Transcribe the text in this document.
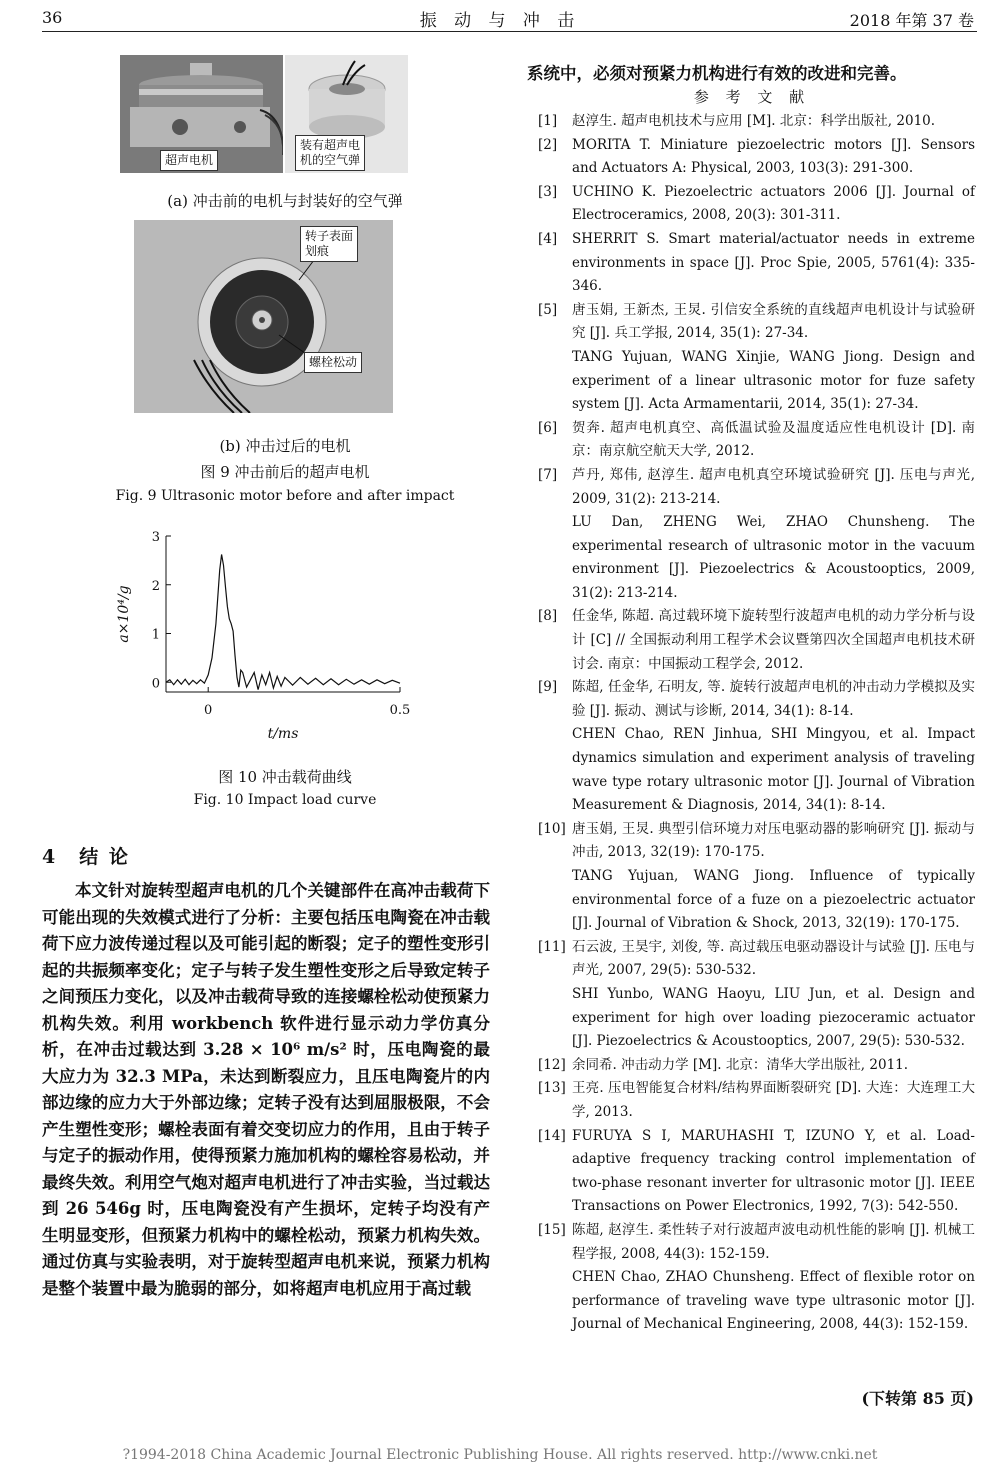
36	振 动 与 冲 击	2018 年第 37 卷
超声电机
装有超声电
机的空气弹
(a) 冲击前的电机与封装好的空气弹
转子表面
划痕
螺栓松动
(b) 冲击过后的电机
图 9 冲击前后的超声电机
Fig. 9 Ultrasonic motor before and after impact
0
1
2
3
0	0.5
t/ms
a×10⁴/g
图 10 冲击载荷曲线
Fig. 10 Impact load curve
4 结 论

本文针对旋转型超声电机的几个关键部件在高冲击载荷下可能出现的失效模式进行了分析：主要包括压电陶瓷在冲击载荷下应力波传递过程以及可能引起的断裂；定子的塑性变形引起的共振频率变化；定子与转子发生塑性变形之后导致定转子之间预压力变化，以及冲击载荷导致的连接螺栓松动使预紧力机构失效。利用 workbench 软件进行显示动力学仿真分析，在冲击过载达到 3.28 × 10⁶ m/s² 时，压电陶瓷的最大应力为 32.3 MPa，未达到断裂应力，且压电陶瓷片的内部边缘的应力大于外部边缘；定转子没有达到屈服极限，不会产生塑性变形；螺栓表面有着交变切应力的作用，且由于转子与定子的振动作用，使得预紧力施加机构的螺栓容易松动，并最终失效。利用空气炮对超声电机进行了冲击实验，当过载达到 26 546g 时，压电陶瓷没有产生损坏，定转子均没有产生明显变形，但预紧力机构中的螺栓松动，预紧力机构失效。通过仿真与实验表明，对于旋转型超声电机来说，预紧力机构是整个装置中最为脆弱的部分，如将超声电机应用于高过载

系统中，必须对预紧力机构进行有效的改进和完善。
参 考 文 献
[1] 赵淳生. 超声电机技术与应用 [M]. 北京：科学出版社, 2010.
[2] MORITA T. Miniature piezoelectric motors [J]. Sensors and Actuators A: Physical, 2003, 103(3): 291-300.
[3] UCHINO K. Piezoelectric actuators 2006 [J]. Journal of Electroceramics, 2008, 20(3): 301-311.
[4] SHERRIT S. Smart material/actuator needs in extreme environments in space [J]. Proc Spie, 2005, 5761(4): 335-346.
[5] 唐玉娟, 王新杰, 王炅. 引信安全系统的直线超声电机设计与试验研究 [J]. 兵工学报, 2014, 35(1): 27-34.
TANG Yujuan, WANG Xinjie, WANG Jiong. Design and experiment of a linear ultrasonic motor for fuze safety system [J]. Acta Armamentarii, 2014, 35(1): 27-34.
[6] 贺奔. 超声电机真空、高低温试验及温度适应性电机设计 [D]. 南京：南京航空航天大学, 2012.
[7] 芦丹, 郑伟, 赵淳生. 超声电机真空环境试验研究 [J]. 压电与声光, 2009, 31(2): 213-214.
LU Dan, ZHENG Wei, ZHAO Chunsheng. The experimental research of ultrasonic motor in the vacuum environment [J]. Piezoelectrics & Acoustooptics, 2009, 31(2): 213-214.
[8] 任金华, 陈超. 高过载环境下旋转型行波超声电机的动力学分析与设计 [C] // 全国振动利用工程学术会议暨第四次全国超声电机技术研讨会. 南京：中国振动工程学会, 2012.
[9] 陈超, 任金华, 石明友, 等. 旋转行波超声电机的冲击动力学模拟及实验 [J]. 振动、测试与诊断, 2014, 34(1): 8-14.
CHEN Chao, REN Jinhua, SHI Mingyou, et al. Impact dynamics simulation and experiment analysis of traveling wave type rotary ultrasonic motor [J]. Journal of Vibration Measurement & Diagnosis, 2014, 34(1): 8-14.
[10] 唐玉娟, 王炅. 典型引信环境力对压电驱动器的影响研究 [J]. 振动与冲击, 2013, 32(19): 170-175.
TANG Yujuan, WANG Jiong. Influence of typically environmental force of a fuze on a piezoelectric actuator [J]. Journal of Vibration & Shock, 2013, 32(19): 170-175.
[11] 石云波, 王昊宇, 刘俊, 等. 高过载压电驱动器设计与试验 [J]. 压电与声光, 2007, 29(5): 530-532.
SHI Yunbo, WANG Haoyu, LIU Jun, et al. Design and experiment for high over loading piezoceramic actuator [J]. Piezoelectrics & Acoustooptics, 2007, 29(5): 530-532.
[12] 余同希. 冲击动力学 [M]. 北京：清华大学出版社, 2011.
[13] 王亮. 压电智能复合材料/结构界面断裂研究 [D]. 大连：大连理工大学, 2013.
[14] FURUYA S I, MARUHASHI T, IZUNO Y, et al. Load-adaptive frequency tracking control implementation of two-phase resonant inverter for ultrasonic motor [J]. IEEE Transactions on Power Electronics, 1992, 7(3): 542-550.
[15] 陈超, 赵淳生. 柔性转子对行波超声波电动机性能的影响 [J]. 机械工程学报, 2008, 44(3): 152-159.
CHEN Chao, ZHAO Chunsheng. Effect of flexible rotor on performance of traveling wave type ultrasonic motor [J]. Journal of Mechanical Engineering, 2008, 44(3): 152-159.
(下转第 85 页)
?1994-2018 China Academic Journal Electronic Publishing House. All rights reserved. http://www.cnki.net
